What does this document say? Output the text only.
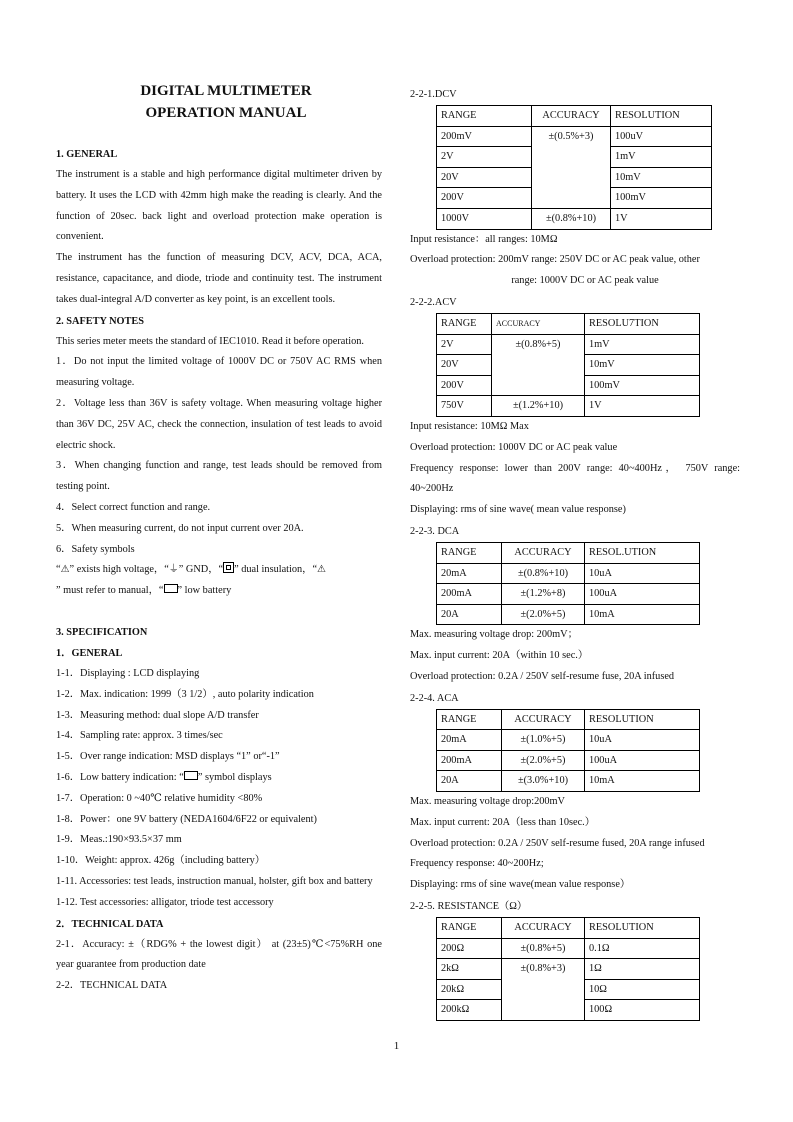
DIGITAL MULTIMETER
OPERATION MANUAL
1. GENERAL
The instrument is a stable and high performance digital multimeter driven by battery. It uses the LCD with 42mm high make the reading is clearly. And the function of 20sec. back light and overload protection make operation is convenient.
The instrument has the function of measuring DCV, ACV, DCA, ACA, resistance, capacitance, and diode, triode and continuity test. The instrument takes dual-integral A/D converter as key point, is an excellent tools.
2. SAFETY NOTES
This series meter meets the standard of IEC1010. Read it before operation.
1．Do not input the limited voltage of 1000V DC or 750V AC RMS when measuring voltage.
2．Voltage less than 36V is safety voltage. When measuring voltage higher than 36V DC, 25V AC, check the connection, insulation of test leads to avoid electric shock.
3．When changing function and range, test leads should be removed from testing point.
4．Select correct function and range.
5．When measuring current, do not input current over 20A.
6．Safety symbols
“⚠” exists high voltage，“⏚” GND，“ ” dual insulation，“⚠
” must refer to manual，“ ” low battery
3. SPECIFICATION
1．GENERAL
1-1．Displaying : LCD displaying
1-2．Max. indication: 1999（3 1/2）, auto polarity indication
1-3．Measuring method: dual slope A/D transfer
1-4．Sampling rate: approx. 3 times/sec
1-5．Over range indication: MSD displays “1” or“-1”
1-6．Low battery indication: “ ” symbol displays
1-7．Operation: 0 ~40℃ relative humidity <80%
1-8．Power：one 9V battery (NEDA1604/6F22 or equivalent)
1-9．Meas.:190×93.5×37 mm
1-10．Weight: approx. 426g（including battery）
1-11. Accessories: test leads, instruction manual, holster, gift box and battery
1-12. Test accessories: alligator, triode test accessory
2．TECHNICAL DATA
2-1．Accuracy: ±（RDG% + the lowest digit） at (23±5)℃<75%RH one year guarantee from production date
2-2．TECHNICAL DATA
2-2-1.DCV
RANGE	ACCURACY	RESOLUTION
200mV	±(0.5%+3)	100uV
2V		1mV
20V		10mV
200V		100mV
1000V	±(0.8%+10)	1V
Input resistance：all ranges: 10MΩ
Overload protection: 200mV range: 250V DC or AC peak value, other
range: 1000V DC or AC peak value
2-2-2.ACV
RANGE	ACCURACY	RESOLU7TION
2V	±(0.8%+5)	1mV
20V		10mV
200V		100mV
750V	±(1.2%+10)	1V
Input resistance: 10MΩ Max
Overload protection: 1000V DC or AC peak value
Frequency response: lower than 200V range: 40~400Hz， 750V range: 40~200Hz
Displaying: rms of sine wave( mean value response)
2-2-3. DCA
RANGE	ACCURACY	RESOL.UTION
20mA	±(0.8%+10)	10uA
200mA	±(1.2%+8)	100uA
20A	±(2.0%+5)	10mA
Max. measuring voltage drop: 200mV；
Max. input current: 20A（within 10 sec.）
Overload protection: 0.2A / 250V self-resume fuse, 20A infused
2-2-4. ACA
RANGE	ACCURACY	RESOLUTION
20mA	±(1.0%+5)	10uA
200mA	±(2.0%+5)	100uA
20A	±(3.0%+10)	10mA
Max. measuring voltage drop:200mV
Max. input current: 20A（less than 10sec.）
Overload protection: 0.2A / 250V self-resume fused, 20A range infused
Frequency response: 40~200Hz;
Displaying: rms of sine wave(mean value response）
2-2-5. RESISTANCE（Ω）
RANGE	ACCURACY	RESOLUTION
200Ω	±(0.8%+5)	0.1Ω
2kΩ	±(0.8%+3)	1Ω
20kΩ		10Ω
200kΩ		100Ω
1
